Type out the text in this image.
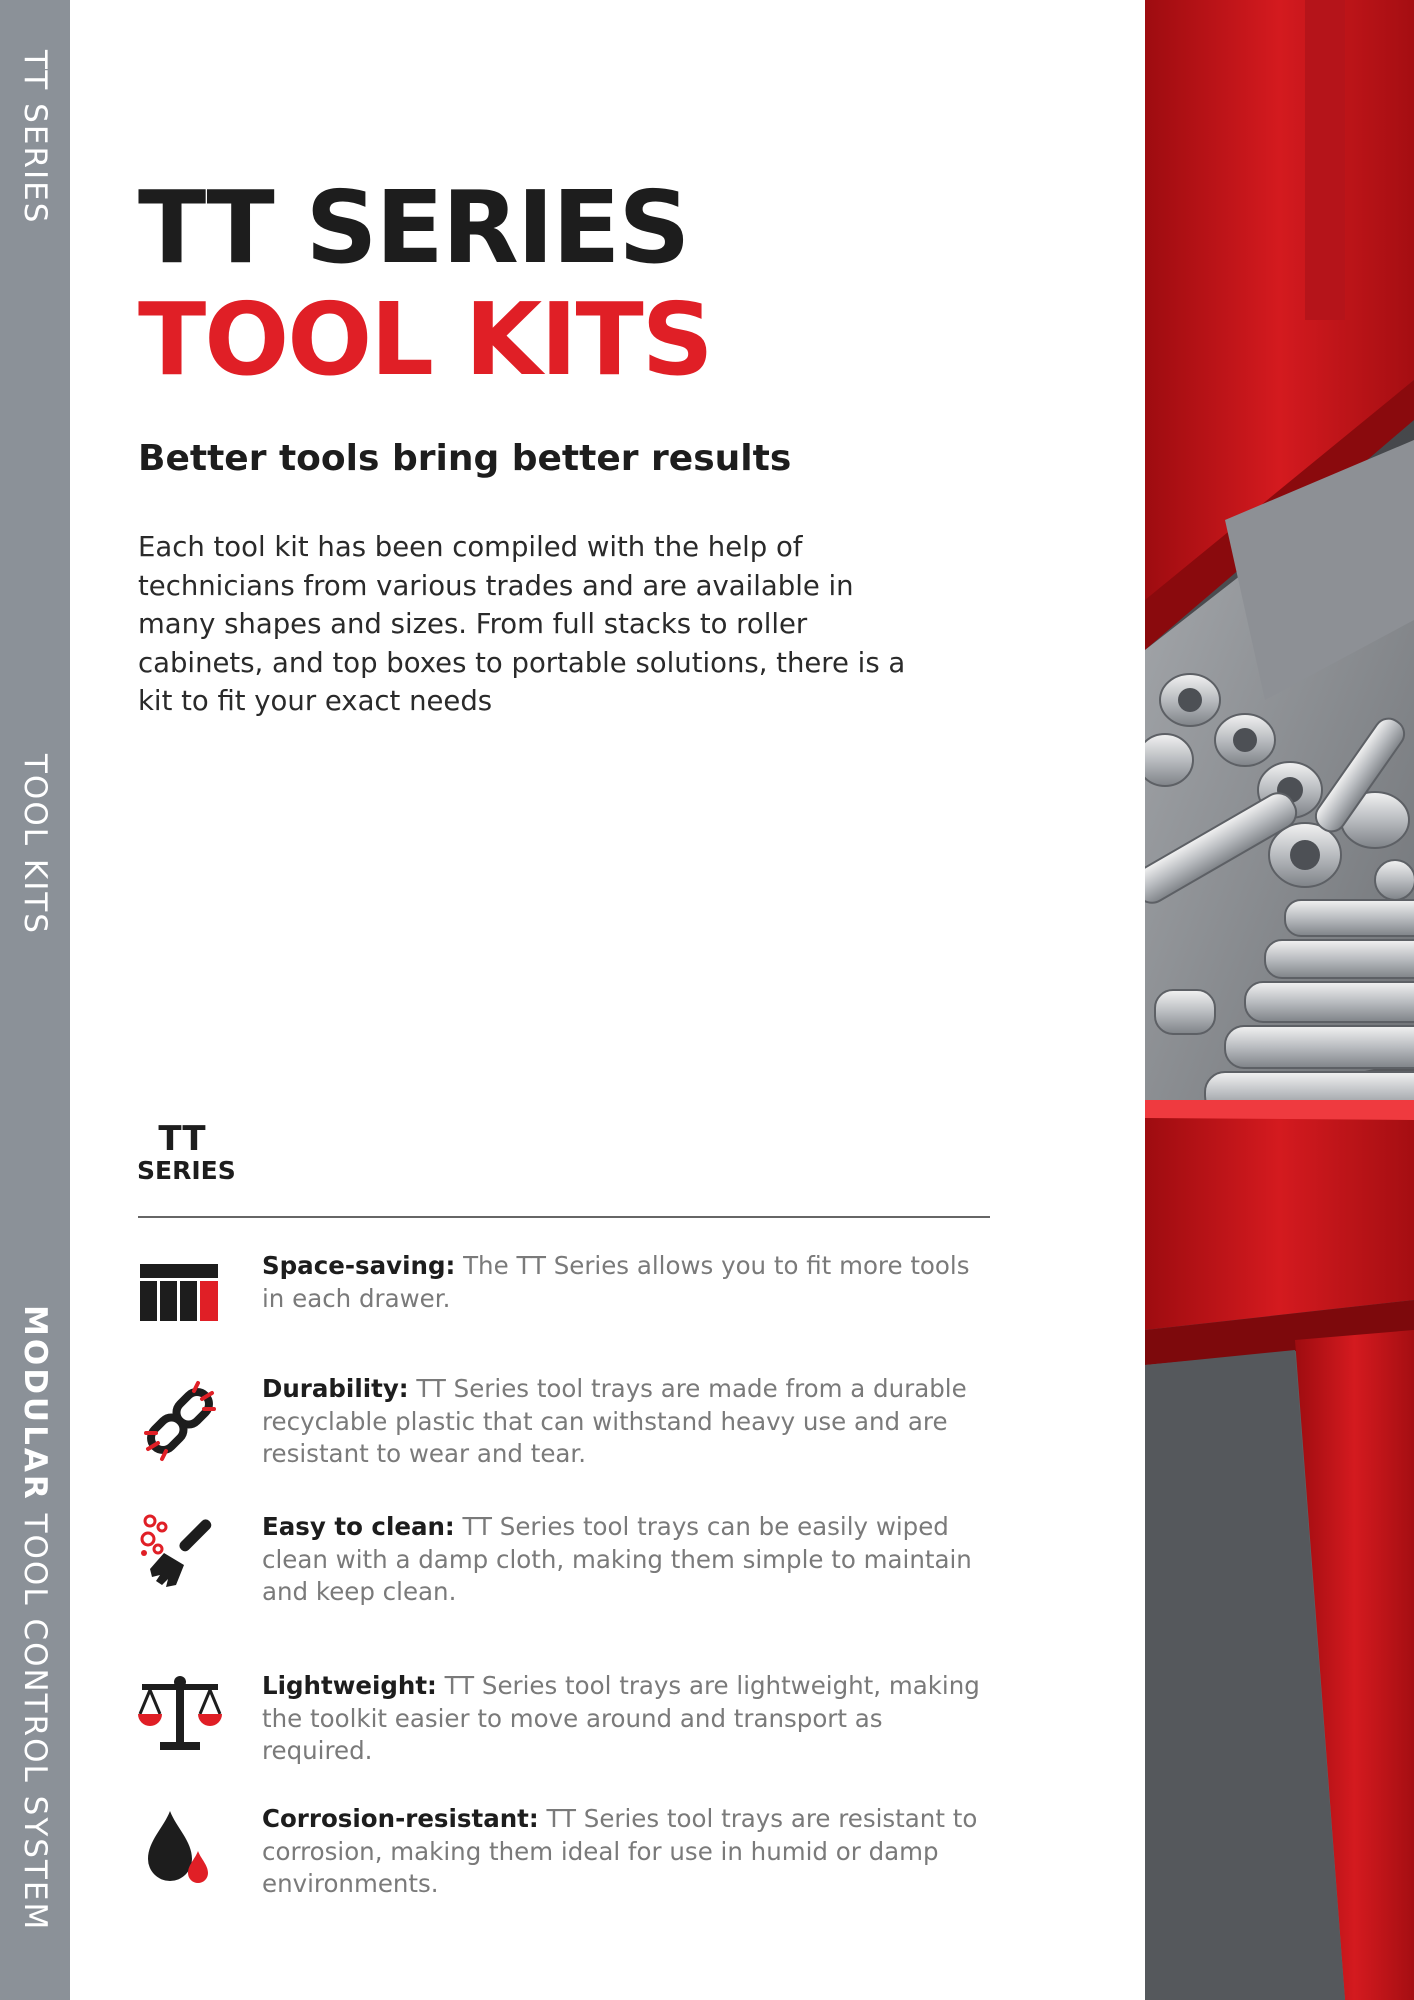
TT SERIES
TOOL KITS
MODULAR TOOL CONTROL SYSTEM
TT SERIES
TOOL KITS
Better tools bring better results

Each tool kit has been compiled with the help of technicians from various trades and are available in many shapes and sizes. From full stacks to roller cabinets, and top boxes to portable solutions, there is a kit to fit your exact needs

TT
SERIES
Space-saving: The TT Series allows you to fit more tools in each drawer.
Durability: TT Series tool trays are made from a durable recyclable plastic that can withstand heavy use and are resistant to wear and tear.
Easy to clean: TT Series tool trays can be easily wiped clean with a damp cloth, making them simple to maintain and keep clean.
Lightweight: TT Series tool trays are lightweight, making the toolkit easier to move around and transport as required.
Corrosion-resistant: TT Series tool trays are resistant to corrosion, making them ideal for use in humid or damp environments.
